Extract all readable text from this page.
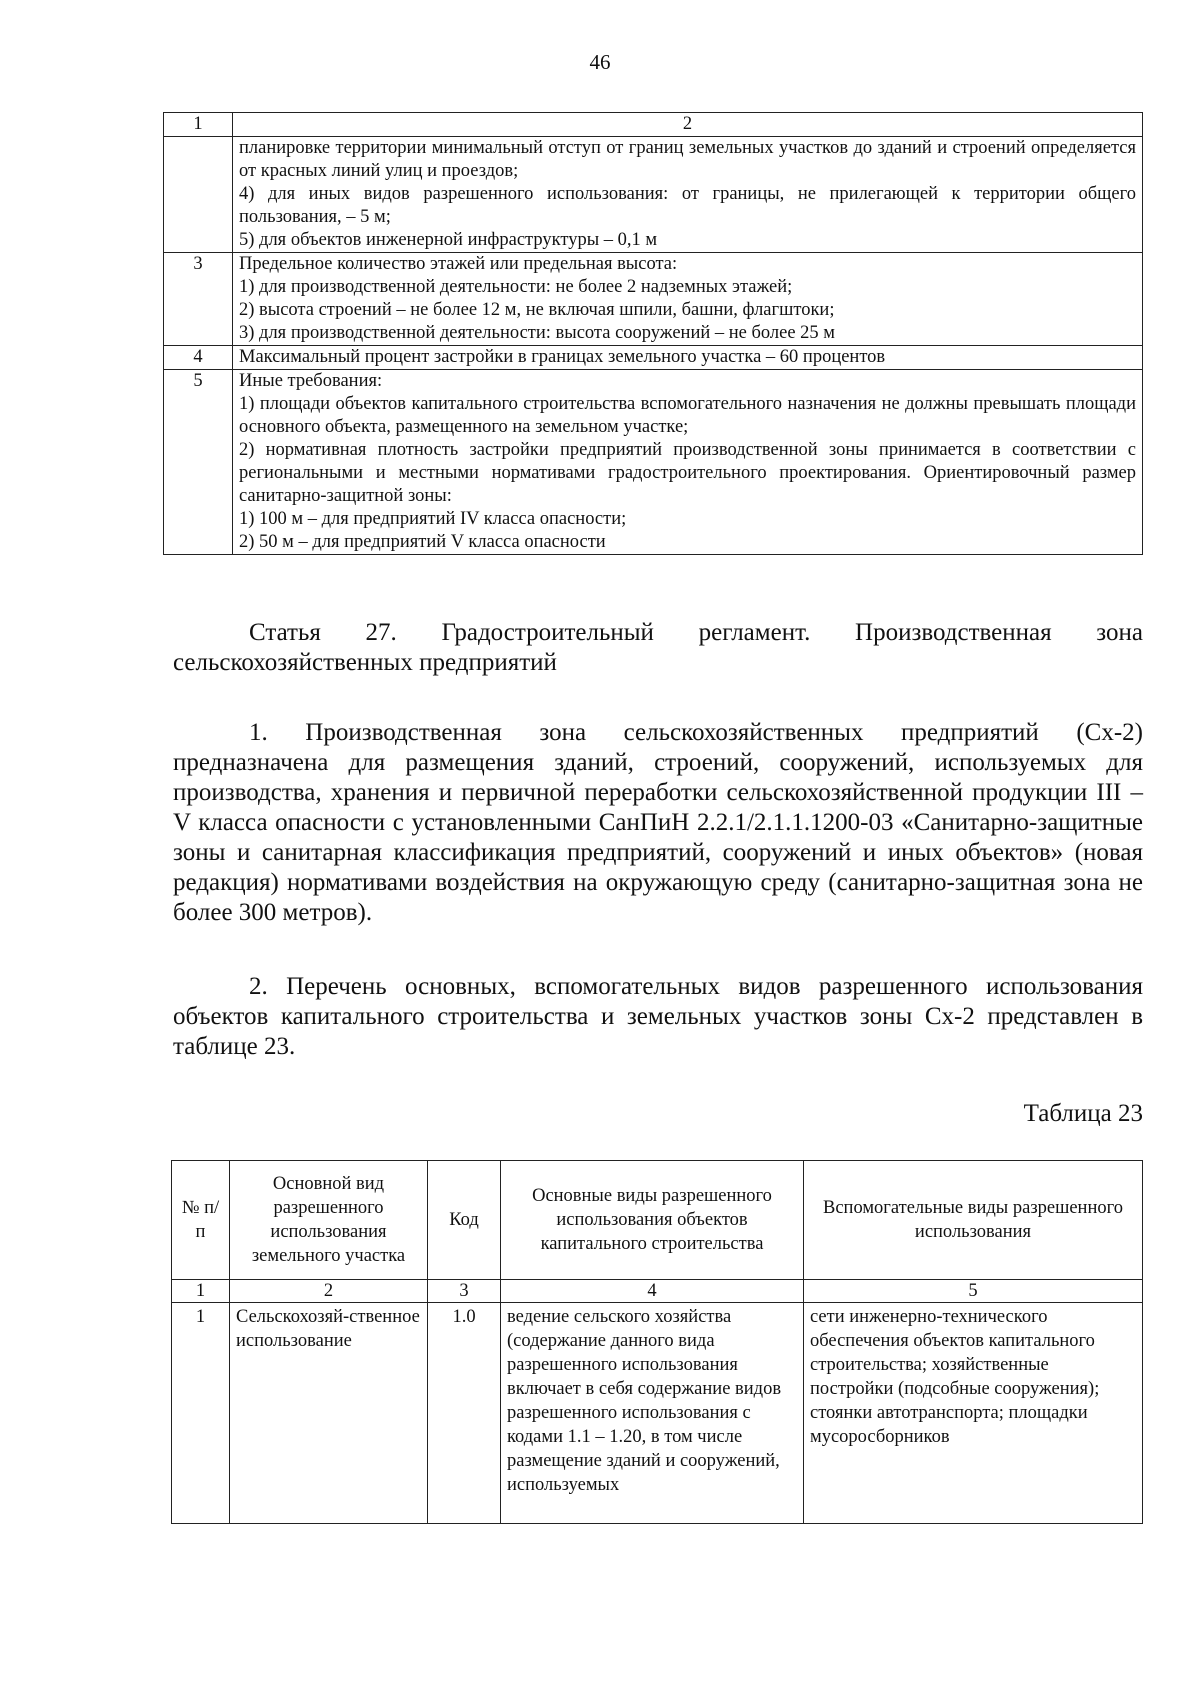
46
1	2

	планировке территории минимальный отступ от границ земельных участков до зданий и строений определяется от красных линий улиц и проездов;
4) для иных видов разрешенного использования: от границы, не прилегающей к территории общего пользования, – 5 м;
5) для объектов инженерной инфраструктуры – 0,1 м

3	Предельное количество этажей или предельная высота:
1) для производственной деятельности: не более 2 надземных этажей;
2) высота строений – не более 12 м, не включая шпили, башни, флагштоки;
3) для производственной деятельности: высота сооружений – не более 25 м

4	Максимальный процент застройки в границах земельного участка – 60 процентов

5	Иные требования:
1) площади объектов капитального строительства вспомогательного назначения не должны превышать площади основного объекта, размещенного на земельном участке;
2) нормативная плотность застройки предприятий производственной зоны принимается в соответствии с региональными и местными нормативами градостроительного проектирования. Ориентировочный размер санитарно-защитной зоны:
1) 100 м – для предприятий IV класса опасности;
2) 50 м – для предприятий V класса опасности
Статья 27. Градостроительный регламент. Производственная зона
сельскохозяйственных предприятий
1. Производственная зона сельскохозяйственных предприятий (Сх-2) предназначена для размещения зданий, строений, сооружений, используемых для производства, хранения и первичной переработки сельскохозяйственной продукции III – V класса опасности с установленными СанПиН 2.2.1/2.1.1.1200-03 «Санитарно-защитные зоны и санитарная классификация предприятий, сооружений и иных объектов» (новая редакция) нормативами воздействия на окружающую среду (санитарно-защитная зона не более 300 метров).
2. Перечень основных, вспомогательных видов разрешенного использования объектов капитального строительства и земельных участков зоны Сх-2 представлен в таблице 23.
Таблица 23
№ п/п	Основной вид разрешенного использования земельного участка	Код	Основные виды разрешенного использования объектов капитального строительства	Вспомогательные виды разрешенного использования
1	2	3	4	5
1	Сельскохозяй-ственное использование	1.0	ведение сельского хозяйства (содержание данного вида разрешенного использования включает в себя содержание видов разрешенного использования с кодами 1.1 – 1.20, в том числе размещение зданий и сооружений, используемых	сети инженерно-технического обеспечения объектов капитального строительства; хозяйственные постройки (подсобные сооружения); стоянки автотранспорта; площадки мусоросборников
